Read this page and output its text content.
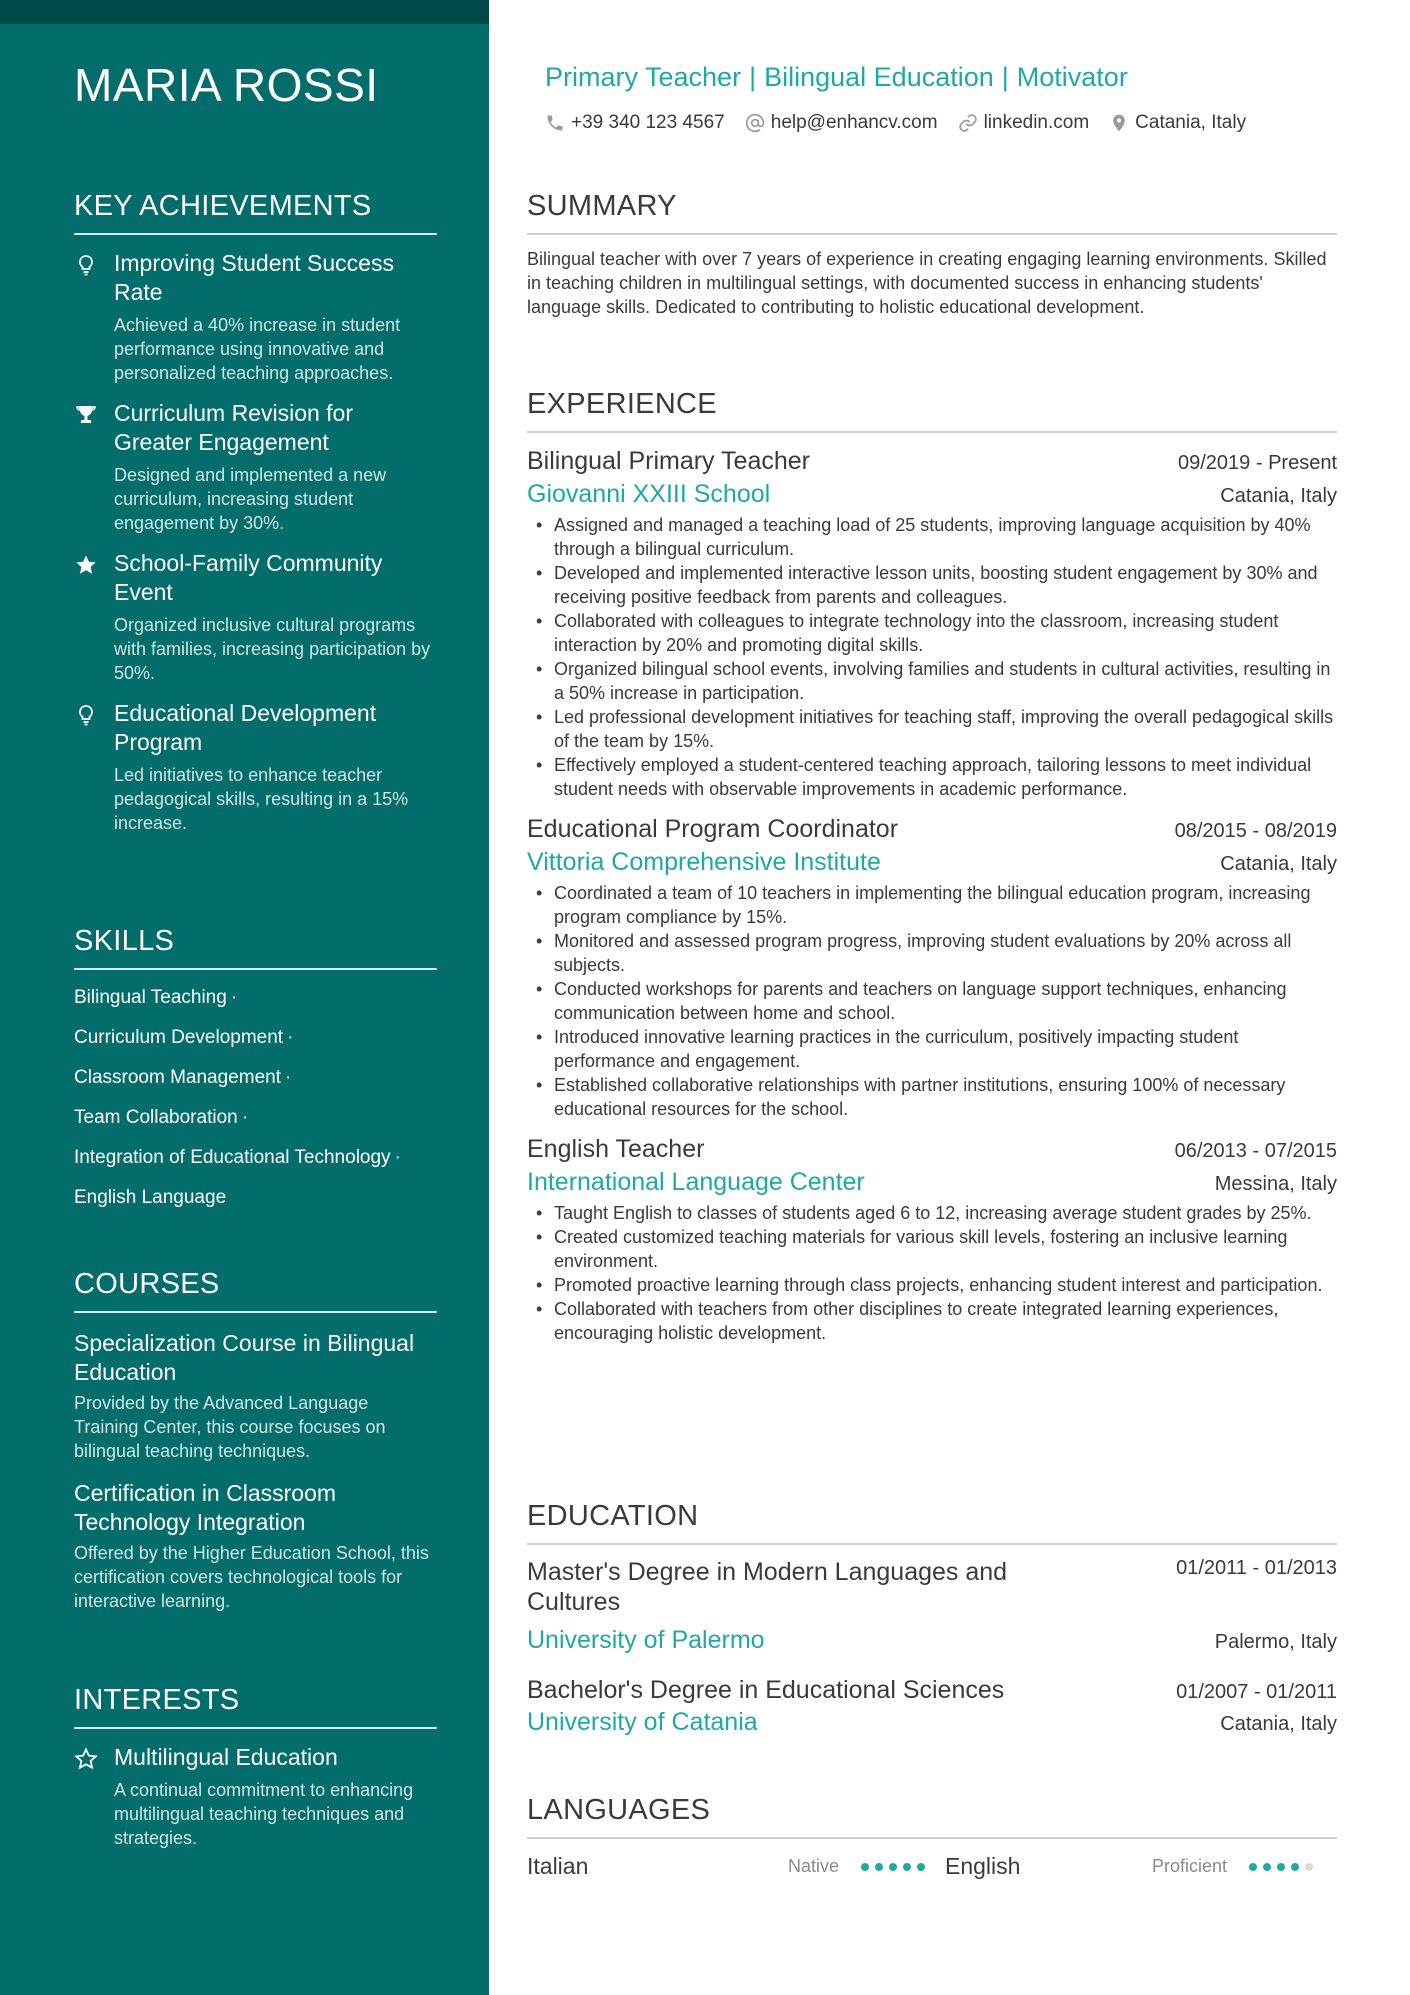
MARIA ROSSI
KEY ACHIEVEMENTS
Improving Student Success Rate
Achieved a 40% increase in student performance using innovative and personalized teaching approaches.
Curriculum Revision for Greater Engagement
Designed and implemented a new curriculum, increasing student engagement by 30%.
School-Family Community Event
Organized inclusive cultural programs with families, increasing participation by 50%.
Educational Development Program
Led initiatives to enhance teacher pedagogical skills, resulting in a 15% increase.
SKILLS
Bilingual Teaching ·
Curriculum Development ·
Classroom Management ·
Team Collaboration ·
Integration of Educational Technology ·
English Language
COURSES
Specialization Course in Bilingual Education
Provided by the Advanced Language Training Center, this course focuses on bilingual teaching techniques.
Certification in Classroom Technology Integration
Offered by the Higher Education School, this certification covers technological tools for interactive learning.
INTERESTS
Multilingual Education
A continual commitment to enhancing multilingual teaching techniques and strategies.
Primary Teacher | Bilingual Education | Motivator
+39 340 123 4567 help@enhancv.com linkedin.com Catania, Italy
SUMMARY
Bilingual teacher with over 7 years of experience in creating engaging learning environments. Skilled in teaching children in multilingual settings, with documented success in enhancing students' language skills. Dedicated to contributing to holistic educational development.
EXPERIENCE
Bilingual Primary Teacher	09/2019 - Present
Giovanni XXIII School	Catania, Italy
• Assigned and managed a teaching load of 25 students, improving language acquisition by 40% through a bilingual curriculum.
• Developed and implemented interactive lesson units, boosting student engagement by 30% and receiving positive feedback from parents and colleagues.
• Collaborated with colleagues to integrate technology into the classroom, increasing student interaction by 20% and promoting digital skills.
• Organized bilingual school events, involving families and students in cultural activities, resulting in a 50% increase in participation.
• Led professional development initiatives for teaching staff, improving the overall pedagogical skills of the team by 15%.
• Effectively employed a student-centered teaching approach, tailoring lessons to meet individual student needs with observable improvements in academic performance.
Educational Program Coordinator	08/2015 - 08/2019
Vittoria Comprehensive Institute	Catania, Italy
• Coordinated a team of 10 teachers in implementing the bilingual education program, increasing program compliance by 15%.
• Monitored and assessed program progress, improving student evaluations by 20% across all subjects.
• Conducted workshops for parents and teachers on language support techniques, enhancing communication between home and school.
• Introduced innovative learning practices in the curriculum, positively impacting student performance and engagement.
• Established collaborative relationships with partner institutions, ensuring 100% of necessary educational resources for the school.
English Teacher	06/2013 - 07/2015
International Language Center	Messina, Italy
• Taught English to classes of students aged 6 to 12, increasing average student grades by 25%.
• Created customized teaching materials for various skill levels, fostering an inclusive learning environment.
• Promoted proactive learning through class projects, enhancing student interest and participation.
• Collaborated with teachers from other disciplines to create integrated learning experiences, encouraging holistic development.
EDUCATION
Master's Degree in Modern Languages and Cultures
01/2011 - 01/2013
University of Palermo	Palermo, Italy
Bachelor's Degree in Educational Sciences	01/2007 - 01/2011
University of Catania	Catania, Italy
LANGUAGES
Italian	Native	English	Proficient
